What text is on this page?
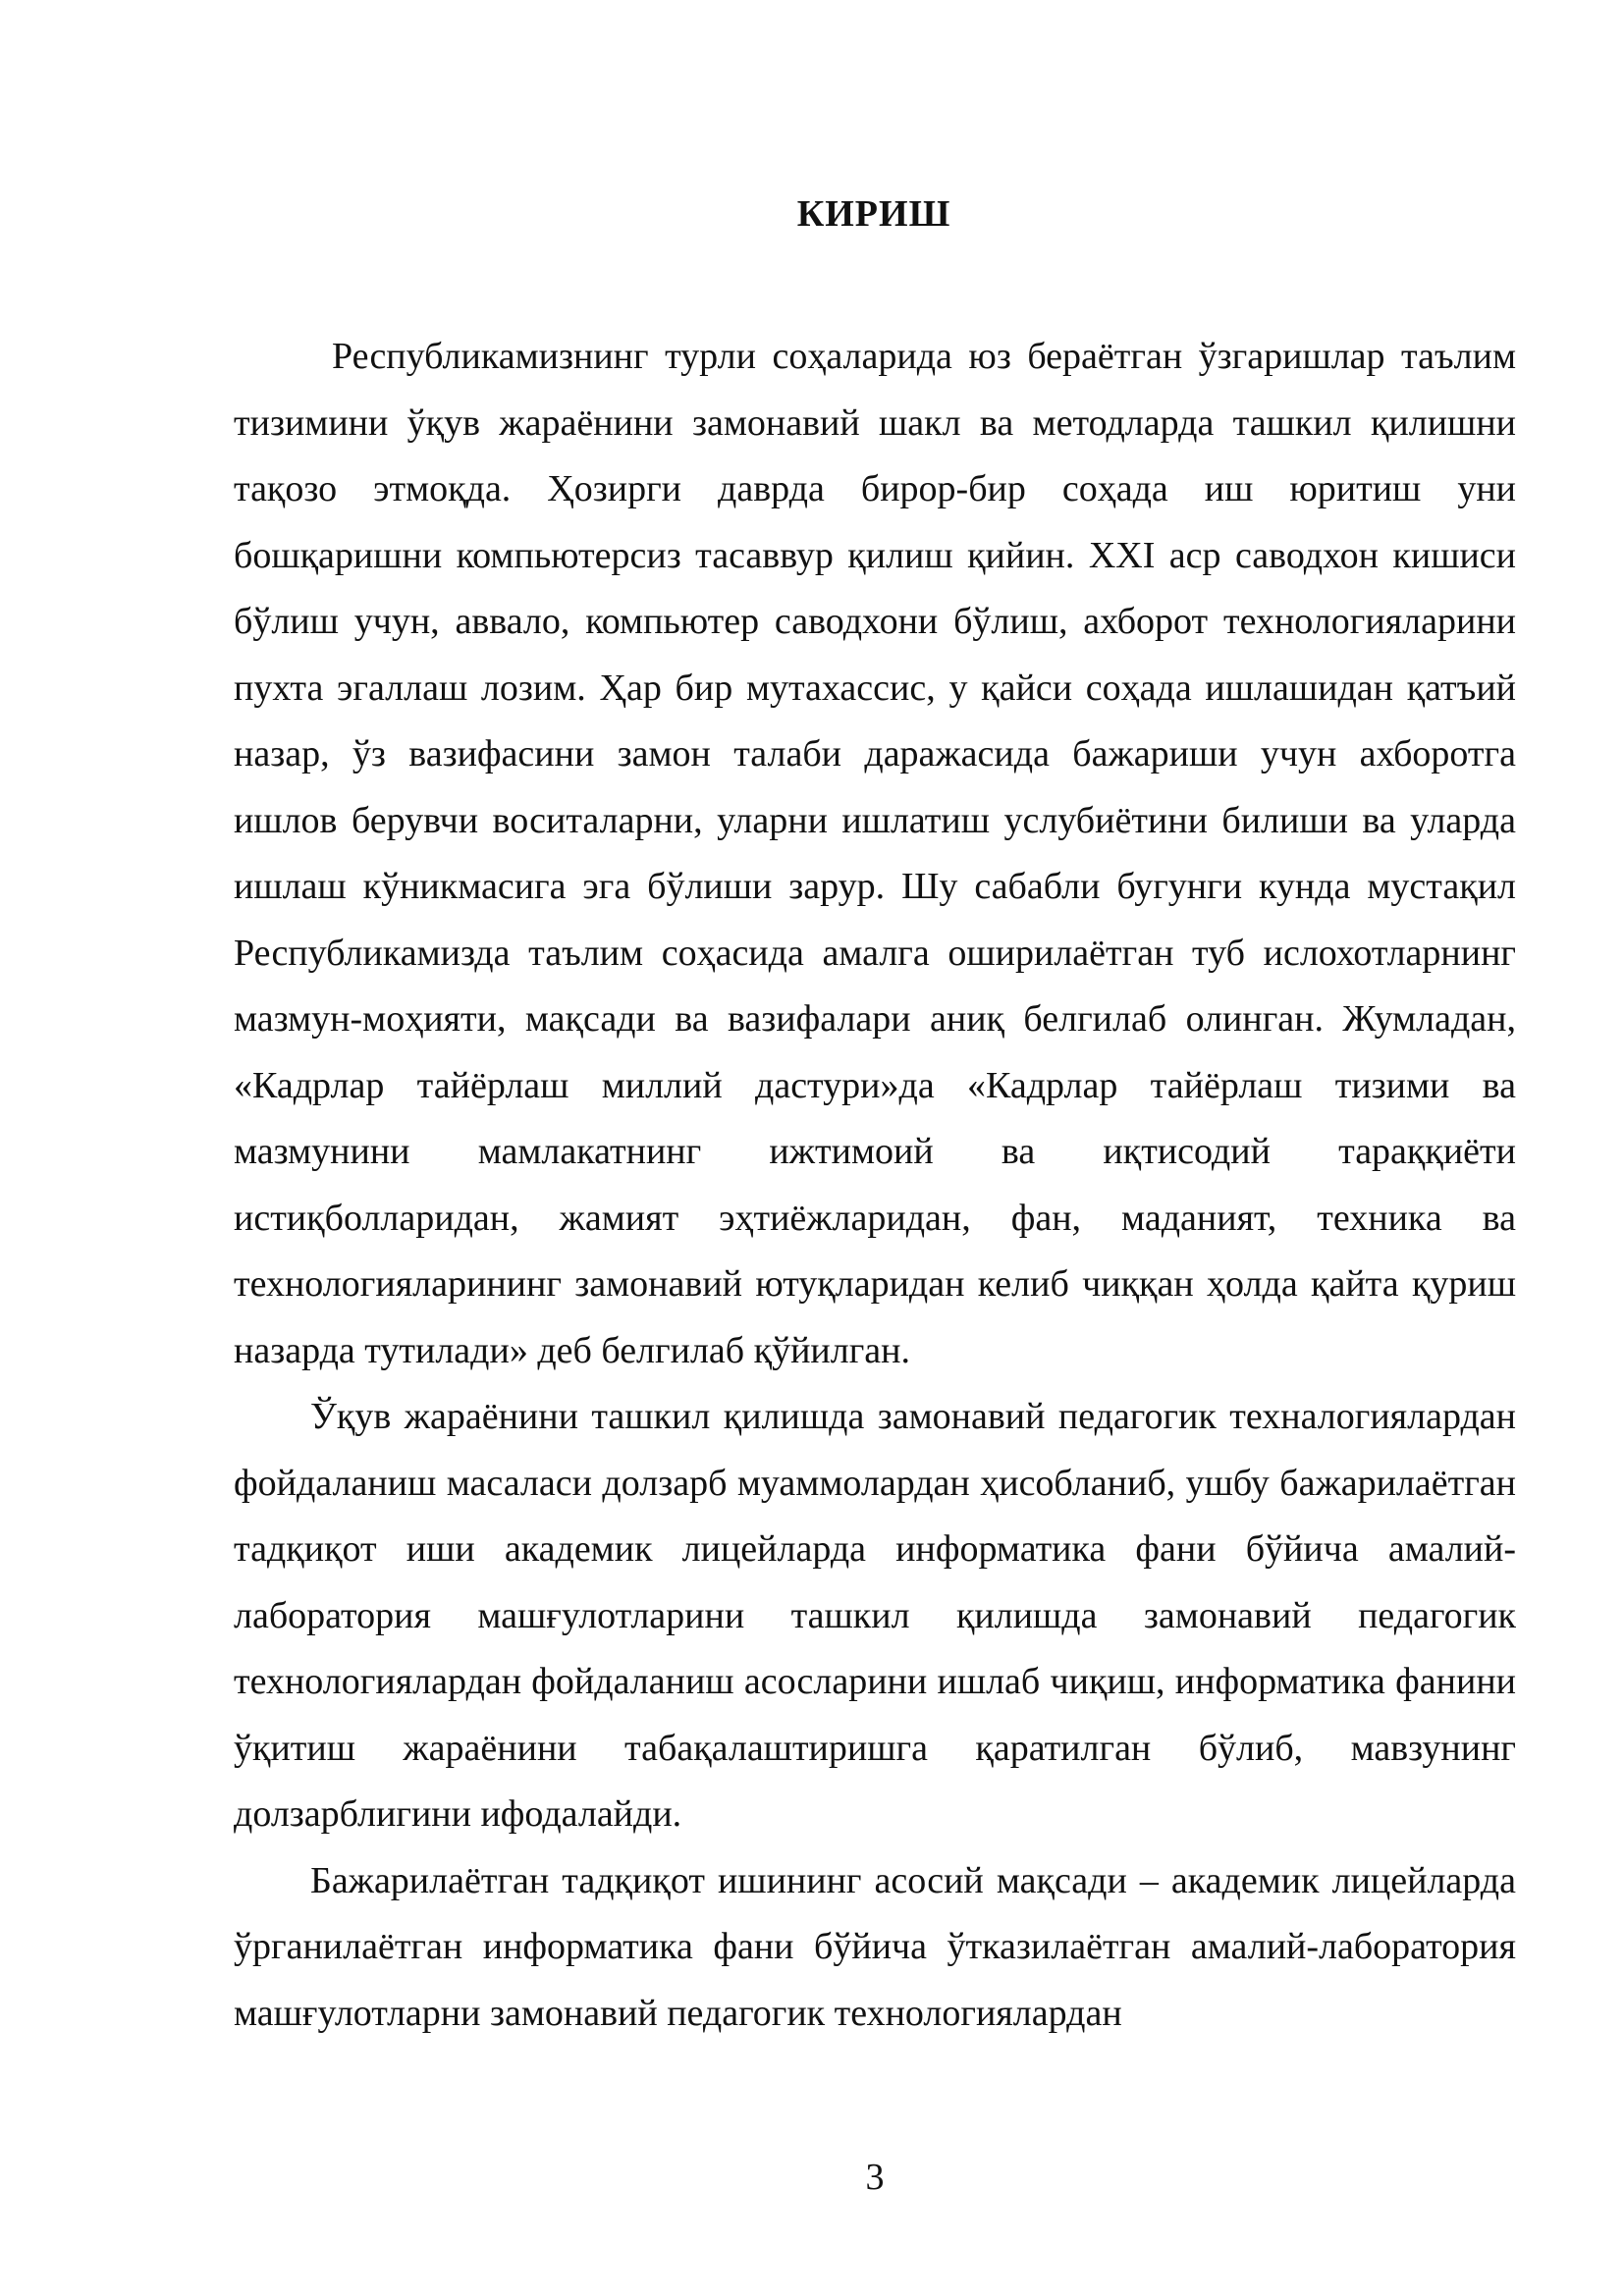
КИРИШ

Республикамизнинг турли соҳаларида юз бераётган ўзгаришлар таълим тизимини ўқув жараёнини замонавий шакл ва методларда ташкил қилишни тақозо этмоқда. Ҳозирги даврда бирор-бир соҳада иш юритиш уни бошқаришни компьютерсиз тасаввур қилиш қийин. XXI аср саводхон кишиси бўлиш учун, аввало, компьютер саводхони бўлиш, ахборот технологияларини пухта эгаллаш лозим. Ҳар бир мутахассис, у қайси соҳада ишлашидан қатъий назар, ўз вазифасини замон талаби даражасида бажариши учун ахборотга ишлов берувчи воситаларни, уларни ишлатиш услубиётини билиши ва уларда ишлаш кўникмасига эга бўлиши зарур. Шу сабабли бугунги кунда мустақил Республикамизда таълим соҳасида амалга оширилаётган туб ислохотларнинг мазмун-моҳияти, мақсади ва вазифалари аниқ белгилаб олинган. Жумладан, «Кадрлар тайёрлаш миллий дастури»да «Кадрлар тайёрлаш тизими ва мазмунини мамлакатнинг ижтимоий ва иқтисодий тараққиёти истиқболларидан, жамият эҳтиёжларидан, фан, маданият, техника ва технологияларининг замонавий ютуқларидан келиб чиққан ҳолда қайта қуриш назарда тутилади» деб белгилаб қўйилган.

Ўқув жараёнини ташкил қилишда замонавий педагогик техналогиялардан фойдаланиш масаласи долзарб муаммолардан ҳисобланиб, ушбу бажарилаётган тадқиқот иши академик лицейларда информатика фани бўйича амалий-лаборатория машғулотларини ташкил қилишда замонавий педагогик технологиялардан фойдаланиш асосларини ишлаб чиқиш, информатика фанини ўқитиш жараёнини табақалаштиришга қаратилган бўлиб, мавзунинг долзарблигини ифодалайди.

Бажарилаётган тадқиқот ишининг асосий мақсади – академик лицейларда ўрганилаётган информатика фани бўйича ўтказилаётган амалий-лаборатория машғулотларни замонавий педагогик технологиялардан

3
